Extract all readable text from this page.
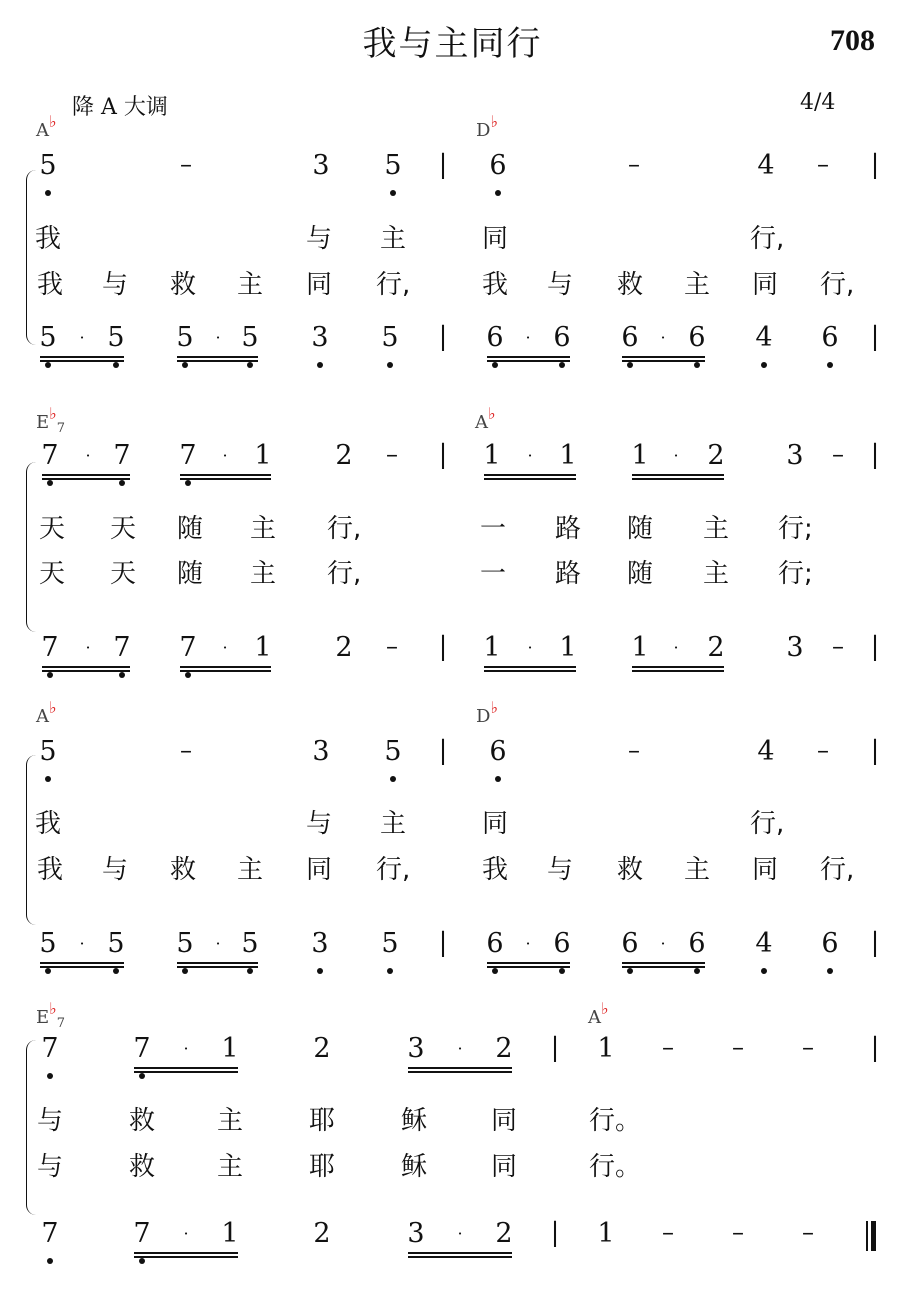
我与主同行	708
降 A 大调	4/4
A♭	D♭
5	–	3 5 | 6	–	4	–	|
我	与 主	同	行,
我 与 救 主 同 行,	我 与 救 主 同 行,
5	· 5 5	· 5 3 5 | 6	· 6 6	· 6 4 6 |
$E♭_7$	A♭
7	· 7 7	· 1 2	–	| 1	· 1 1	· 2 3	–	|
天 天 随 主 行,	一 路 随 主 行;
天 天 随 主 行,	一 路 随 主 行;
7	· 7 7	· 1 2	–	| 1	· 1 1	· 2 3	–	|
A♭	D♭
5	–	3 5 | 6	–	4	–	|
我	与 主	同	行,
我 与 救 主 同 行,	我 与 救 主 同 行,
5	· 5 5	· 5 3 5 | 6	· 6 6	· 6 4 6 |
$E♭_7$	A♭
7	7	· 1	2	3	· 2 | 1	–	–	–	|
与	救 主	耶	稣 同	行。
与	救 主	耶	稣 同	行。
7	7	· 1	2	3	· 2 | 1	–	–	–
